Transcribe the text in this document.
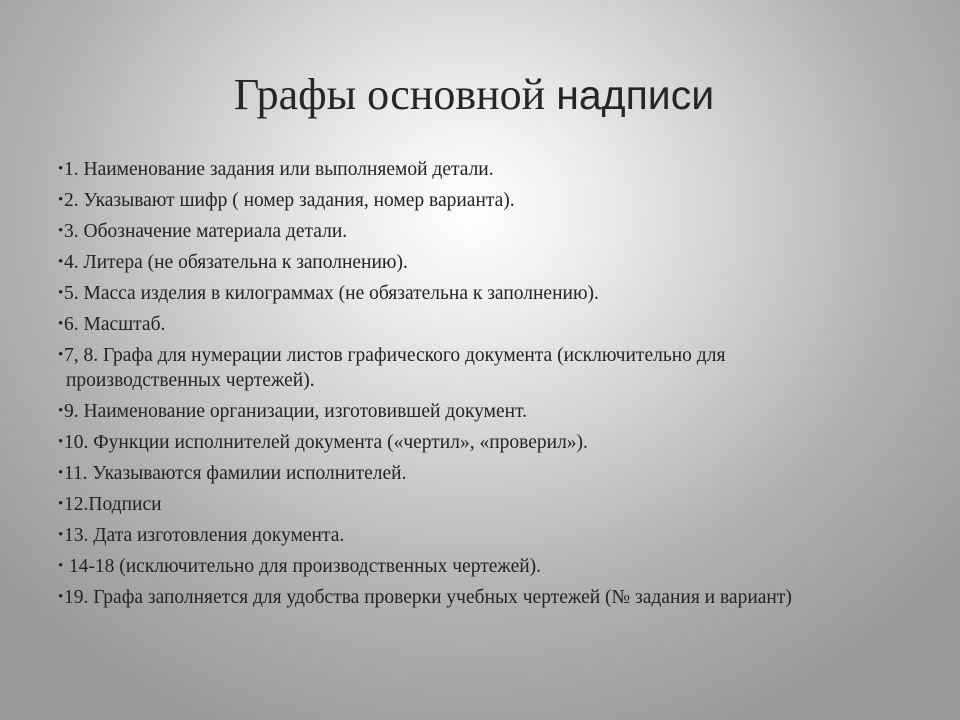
Графы основной надписи
• 1. Наименование задания или выполняемой детали.
• 2. Указывают шифр ( номер задания, номер варианта).
• 3. Обозначение материала детали.
• 4. Литера (не обязательна к заполнению).
• 5. Масса изделия в килограммах (не обязательна к заполнению).
• 6. Масштаб.
• 7, 8. Графа для нумерации листов графического документа (исключительно для
производственных чертежей).
• 9. Наименование организации, изготовившей документ.
• 10. Функции исполнителей документа («чертил», «проверил»).
• 11. Указываются фамилии исполнителей.
• 12.Подписи
• 13. Дата изготовления документа.
• 14-18 (исключительно для производственных чертежей).
• 19. Графа заполняется для удобства проверки учебных чертежей (№ задания и вариант)
